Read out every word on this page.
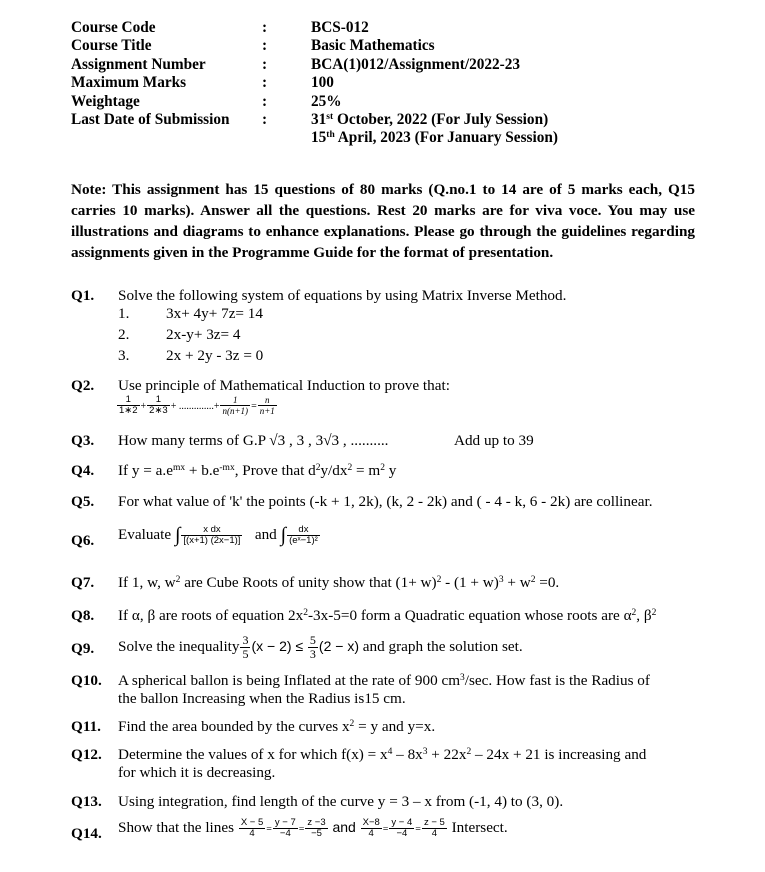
Course Code	:	BCS-012
Course Title	:	Basic Mathematics
Assignment Number	:	BCA(1)012/Assignment/2022-23
Maximum Marks	:	100
Weightage	:	25%
Last Date of Submission	:	31st October, 2022 (For July Session)
15th April, 2023 (For January Session)
Note: This assignment has 15 questions of 80 marks (Q.no.1 to 14 are of 5 marks each, Q15 carries 10 marks). Answer all the questions. Rest 20 marks are for viva voce. You may use illustrations and diagrams to enhance explanations. Please go through the guidelines regarding assignments given in the Programme Guide for the format of presentation.
Q1. Solve the following system of equations by using Matrix Inverse Method.
1. 3x+ 4y+ 7z= 14
2. 2x-y+ 3z= 4
3. 2x + 2y - 3z = 0
Q2. Use principle of Mathematical Induction to prove that:
$\frac{1}{1∗2} + \frac{1}{2∗3}$ + ..............+ $\frac{1}{n(n+1)} = \frac{n}{n+1}$
Q3. How many terms of G.P √3 , 3 , 3√3 , ..........	Add up to 39
Q4. If $y = a.e^{mx} + b.e^{-mx}$, Prove that $d^2y/dx^2 = m^2$ y
Q5. For what value of 'k' the points (-k + 1, 2k), (k, 2 - 2k) and ( - 4 - k, 6 - 2k) are collinear.
Q6. Evaluate ∫ $\frac{\text{x dx}}{[(x+1) (2x-1)]}$ and ∫ $\frac{dx}{\text{(eˣ−1)²}}$
Q7. If 1, w, $w^2$ are Cube Roots of unity show that $(1+ w)^2 - (1 + w)^3 + w^2 =0$.
Q8. If α, β are roots of equation $2x^2-3x-5=0$ form a Quadratic equation whose roots are $\alpha^2$, $\beta^2$
Q9. Solve the inequality $\frac{3}{5} (x - 2) \le \frac{5}{3} (2 - x)$ and graph the solution set.
Q10. A spherical ballon is being Inflated at the rate of 900 $cm^3/\sec$. How fast is the Radius of
the ballon Increasing when the Radius is15 cm.
Q11. Find the area bounded by the curves $x^2 = y$ and y=x.
Q12. Determine the values of x for which $f(x) = x^4 - 8x^3 + 22x^2 - 24x + 21$ is increasing and
for which it is decreasing.
Q13. Using integration, find length of the curve y = 3 – x from (-1, 4) to (3, 0).
Q14. Show that the lines $\frac{X - 5}{4} = \frac{y - 7}{-4} = \frac{z -3}{-5}$ and $\frac{X-8}{4} = \frac{y - 4}{-4} = \frac{z - 5}{4}$ Intersect.
